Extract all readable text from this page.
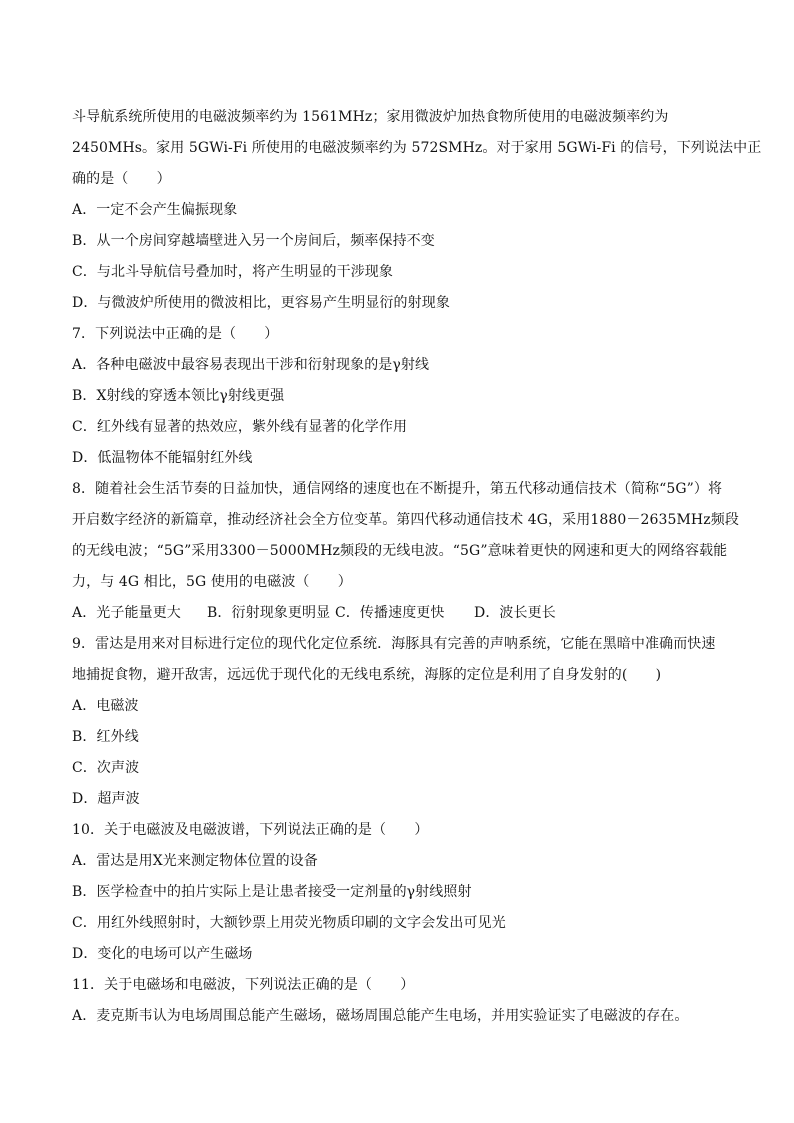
斗导航系统所使用的电磁波频率约为 1561MHz；家用微波炉加热食物所使用的电磁波频率约为
2450MHs。家用 5GWi-Fi 所使用的电磁波频率约为 572SMHz。对于家用 5GWi-Fi 的信号，下列说法中正
确的是（　　）
A．一定不会产生偏振现象
B．从一个房间穿越墙壁进入另一个房间后，频率保持不变
C．与北斗导航信号叠加时，将产生明显的干涉现象
D．与微波炉所使用的微波相比，更容易产生明显衍的射现象
7．下列说法中正确的是（　　）
A．各种电磁波中最容易表现出干涉和衍射现象的是γ射线
B．X射线的穿透本领比γ射线更强
C．红外线有显著的热效应，紫外线有显著的化学作用
D．低温物体不能辐射红外线
8．随着社会生活节奏的日益加快，通信网络的速度也在不断提升，第五代移动通信技术（简称“5G”）将
开启数字经济的新篇章，推动经济社会全方位变革。第四代移动通信技术 4G，采用1880－2635MHz频段
的无线电波；“5G”采用3300－5000MHz频段的无线电波。“5G”意味着更快的网速和更大的网络容载能
力，与 4G 相比，5G 使用的电磁波（　　）
A．光子能量更大	B．衍射现象更明显 C．传播速度更快	D．波长更长
9．雷达是用来对目标进行定位的现代化定位系统．海豚具有完善的声呐系统，它能在黑暗中准确而快速
地捕捉食物，避开敌害，远远优于现代化的无线电系统，海豚的定位是利用了自身发射的(　　)
A．电磁波
B．红外线
C．次声波
D．超声波
10．关于电磁波及电磁波谱，下列说法正确的是（　　）
A．雷达是用X光来测定物体位置的设备
B．医学检查中的拍片实际上是让患者接受一定剂量的γ射线照射
C．用红外线照射时，大额钞票上用荧光物质印刷的文字会发出可见光
D．变化的电场可以产生磁场
11．关于电磁场和电磁波，下列说法正确的是（　　）
A．麦克斯韦认为电场周围总能产生磁场，磁场周围总能产生电场，并用实验证实了电磁波的存在。
